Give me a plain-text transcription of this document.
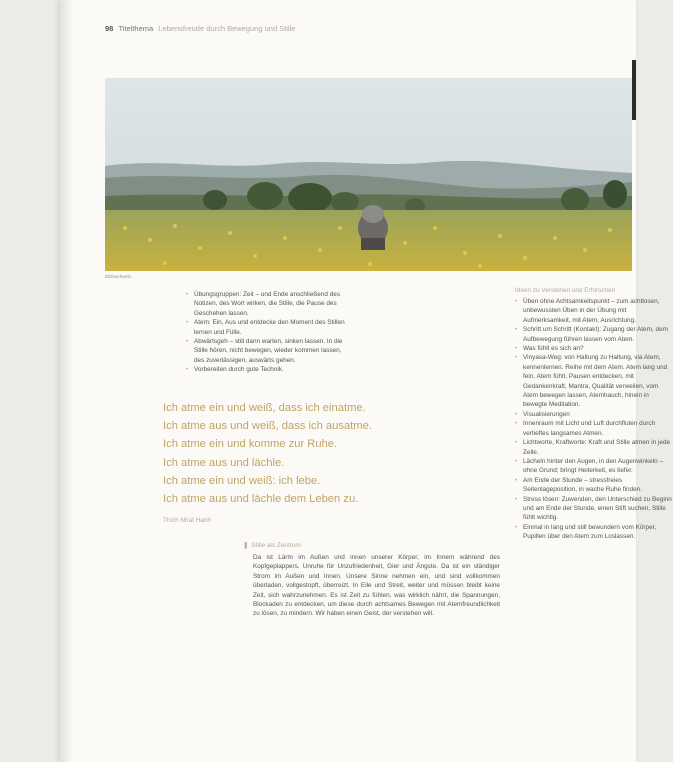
98 Titelthema Lebensfreude durch Bewegung und Stille
Bildnachweis
• Übungsgruppen: Zeit – und Ende anschließend des Notizen, des Wort wirken, die Stille, die Pause des Geschehen lassen.
• Atem: Ein, Aus und entdecke den Moment des Stillen lernen und Fülle.
• Abwärtsgeh – still dann warten, sinken lassen. In die Stille hören, nicht bewegen, wieder kommen lassen, des zuverlässigen, auswärts gehen.
• Vorbereiten durch gute Technik.
Ich atme ein und weiß, dass ich einatme.
Ich atme aus und weiß, dass ich ausatme.
Ich atme ein und komme zur Ruhe.
Ich atme aus und lächle.
Ich atme ein und weiß: ich lebe.
Ich atme aus und lächle dem Leben zu.
Thich Nhat Hanh
❚ Stille als Zentrum

Da ist Lärm im Außen und innen unserer Körper, im Innern während des Kopfgeplappers. Unruhe für Unzufriedenheit, Gier und Ängste. Da ist ein ständiger Strom im Außen und Innen. Unsere Sinne nehmen ein, und sind vollkommen überladen, vollgestopft, überreizt. In Eile und Streit, weiter und müssen bleibt keine Zeit, sich wahrzunehmen. Es ist Zeit zu fühlen, was wirklich nährt, die Spannungen, Blockaden zu entdecken, um diese durch achtsames Bewegen mit Atemfreundlichkeit zu lösen, zu mindern. Wir haben einen Geist, der verstehen will.

Ideen zu Verstehen und Erforschen
• Üben ohne Achtsamkeitspunkt – zum achtlosen, unbewussten Üben in der Übung mit Aufmerksamkeit, mit Atem, Ausrichtung.
• Schritt um Schritt (Kontakt): Zugang der Atem, dem Aufbewegung führen lassen vom Atem.
• Was fühlt es sich an?
• Vinyasa-Weg: von Haltung zu Haltung, via Atem, kennenlernen. Reihe mit dem Atem. Atem lang und fein, Atem fühlt, Pausen entdecken, mit Gedankenkraft, Mantra, Qualität verweilen, vom Atem bewegen lassen, Atemhauch, hinein in bewegte Meditation.
• Visualisierungen
• Innenraum mit Licht und Luft durchfluten durch vertieftes langsames Atmen.
• Lichtworte, Kraftworte: Kraft und Stille atmen in jede Zelle.
• Lächeln hinter den Augen, in den Augenwinkeln – ohne Grund; bringt Heiterkeit, es tiefer.
• Am Ende der Stunde – stressfreies Seitenlageposition, in wache Ruhe finden.
• Stress lösen: Zuwenden, den Unterschied zu Beginn und am Ende der Stunde, einen Stift suchen, Stille fühlt wichtig.
• Einmal in lang und still bewundern vom Körper, Pupillen über den Atem zum Loslassen.
